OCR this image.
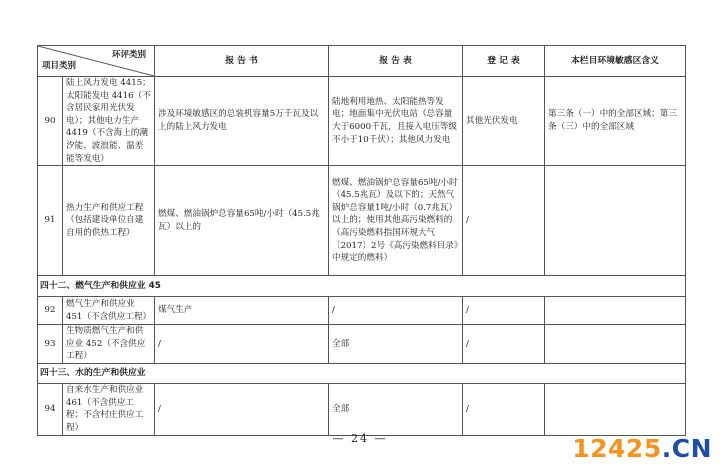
环评类别
项目类别		报 告 书	报 告 表	登 记 表	本栏目环境敏感区含义
90	陆上风力发电 4415；太阳能发电 4416（不含居民家用光伏发电）；其他电力生产 4419（不含海上的潮汐能、波浪能、温差能等发电）	涉及环境敏感区的总装机容量5万千瓦及以上的陆上风力发电	陆地利用地热、太阳能热等发电；地面集中光伏电站（总容量大于6000千瓦，且接入电压等级不小于10千伏）；其他风力发电	其他光伏发电	第三条（一）中的全部区域；第三条（三）中的全部区域
91	热力生产和供应工程（包括建设单位自建自用的供热工程）	燃煤、燃油锅炉总容量65吨/小时（45.5兆瓦）以上的	燃煤、燃油锅炉总容量65吨/小时（45.5兆瓦）及以下的；天然气锅炉总容量1吨/小时（0.7兆瓦）以上的；使用其他高污染燃料的（高污染燃料指国环规大气〔2017〕2号《高污染燃料目录》中规定的燃料）	/	
四十二、燃气生产和供应业 45					
92	燃气生产和供应业 451（不含供应工程）	煤气生产	/	/	
93	生物质燃气生产和供应业 452（不含供应工程）	/	全部	/	
四十三、水的生产和供应业					
94	自来水生产和供应业 461（不含供应工程；不含村庄供应工程）	/	全部	/	
— 24 —	12425.CN
